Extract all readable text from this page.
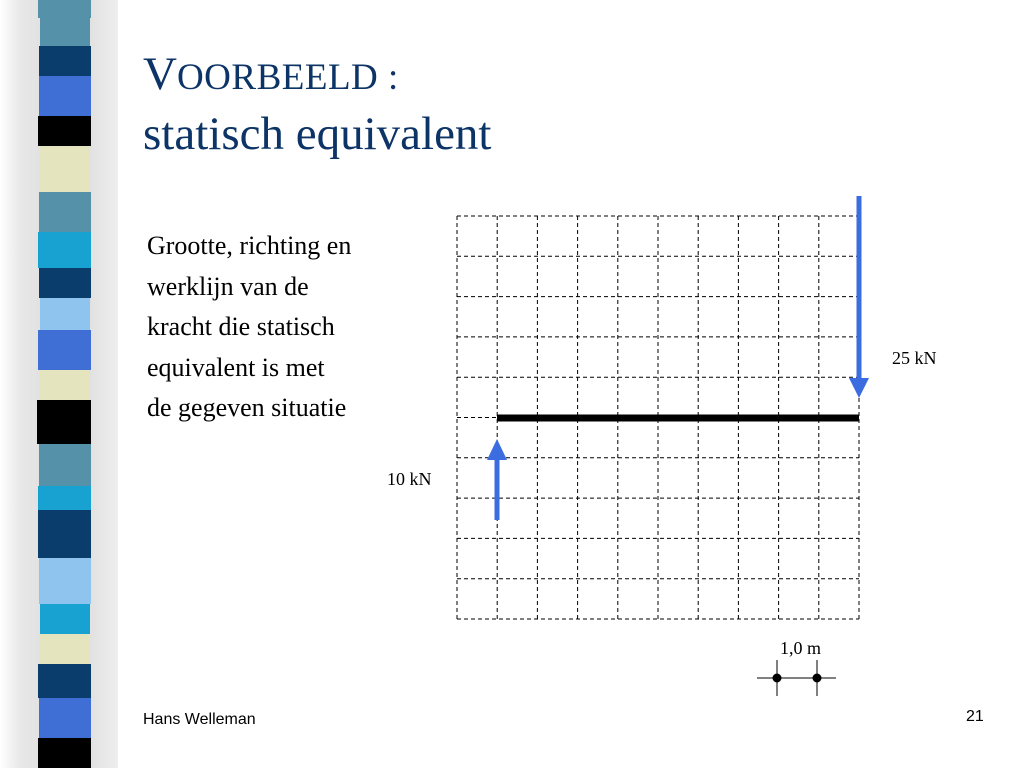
VOORBEELD :
statisch equivalent
Grootte, richting en
werklijn van de
kracht die statisch
equivalent is met
de gegeven situatie
25 kN
10 kN
1,0 m
Hans Welleman	21
